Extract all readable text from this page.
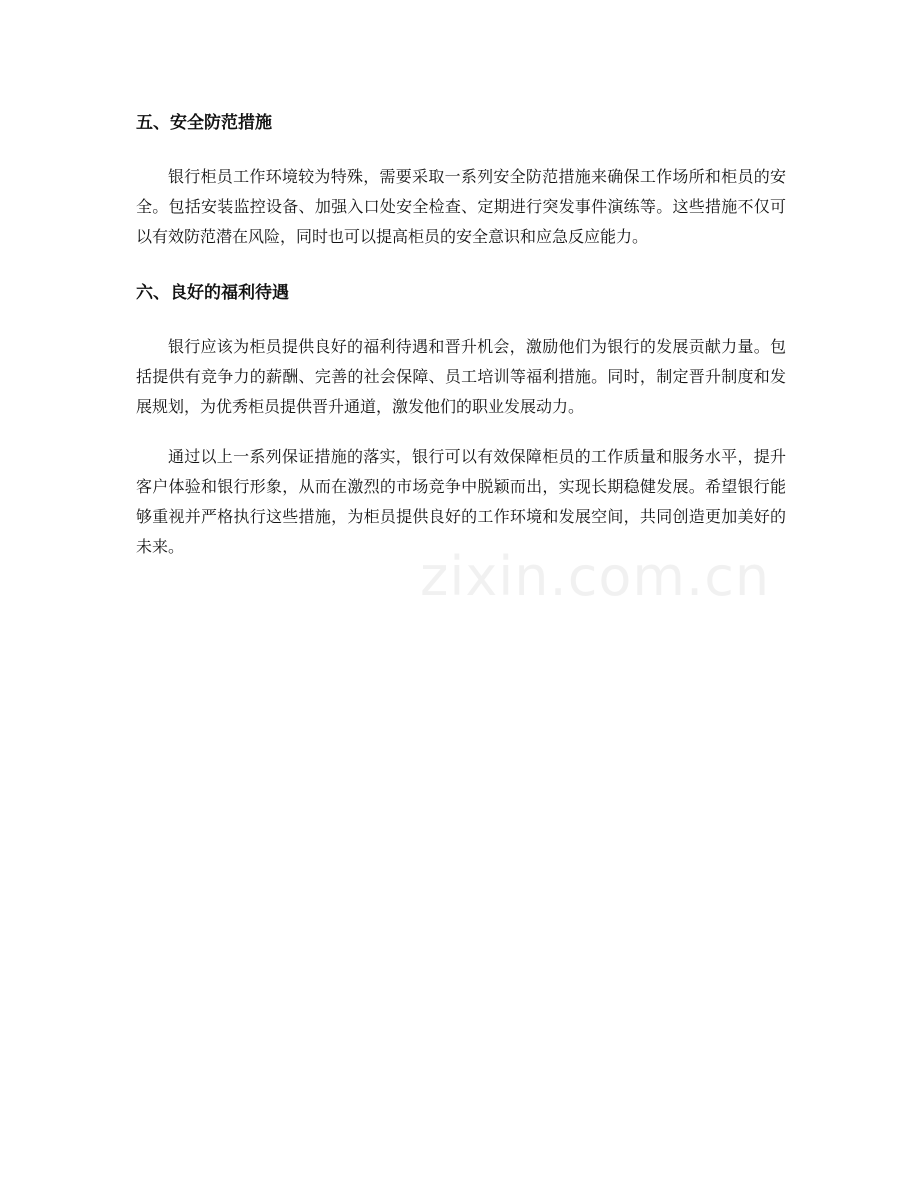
五、安全防范措施

银行柜员工作环境较为特殊，需要采取一系列安全防范措施来确保工作场所和柜员的安全。包括安装监控设备、加强入口处安全检查、定期进行突发事件演练等。这些措施不仅可以有效防范潜在风险，同时也可以提高柜员的安全意识和应急反应能力。

六、良好的福利待遇

银行应该为柜员提供良好的福利待遇和晋升机会，激励他们为银行的发展贡献力量。包括提供有竞争力的薪酬、完善的社会保障、员工培训等福利措施。同时，制定晋升制度和发展规划，为优秀柜员提供晋升通道，激发他们的职业发展动力。

通过以上一系列保证措施的落实，银行可以有效保障柜员的工作质量和服务水平，提升客户体验和银行形象，从而在激烈的市场竞争中脱颖而出，实现长期稳健发展。希望银行能够重视并严格执行这些措施，为柜员提供良好的工作环境和发展空间，共同创造更加美好的未来。	zixin.com.cn
